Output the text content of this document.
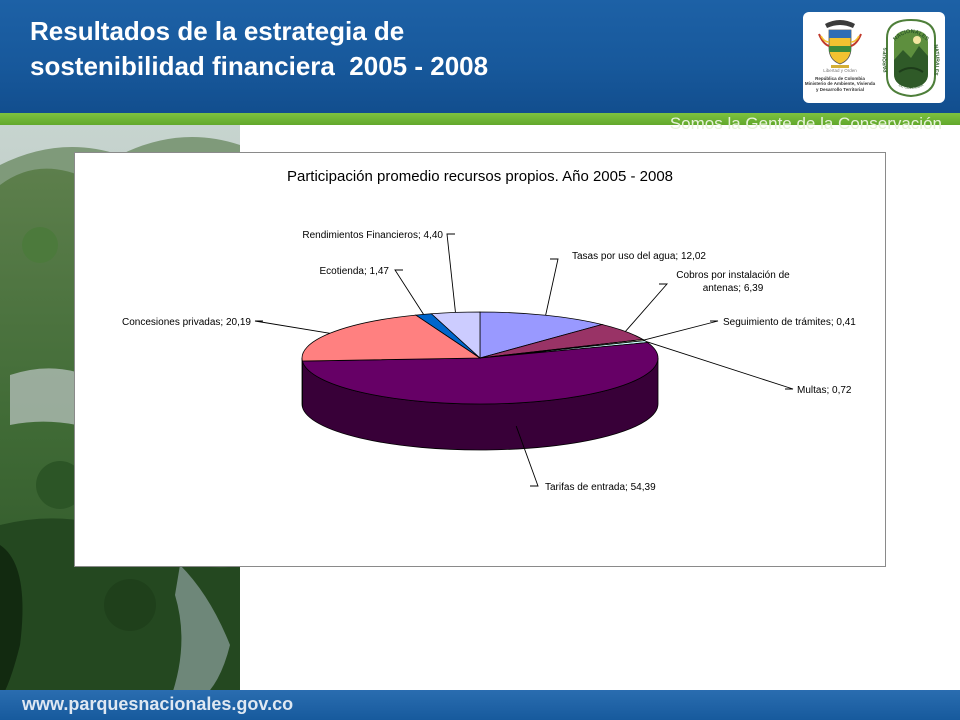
Resultados de la estrategia de
sostenibilidad financiera  2005 - 2008	Libertad y Orden
República de Colombia
Ministerio de Ambiente, Vivienda
y Desarrollo Territorial
NACIONALES
PARQUES
NATURALES
DE COLOMBIA
Somos la Gente de la Conservación
www.parquesnacionales.gov.co
Participación promedio recursos propios. Año 2005 - 2008
Tasas por uso del agua; 12,02
Cobros por instalación de
antenas; 6,39
Seguimiento de trámites; 0,41
Multas; 0,72
Tarifas de entrada; 54,39
Concesiones privadas; 20,19
Ecotienda; 1,47
Rendimientos Financieros; 4,40
